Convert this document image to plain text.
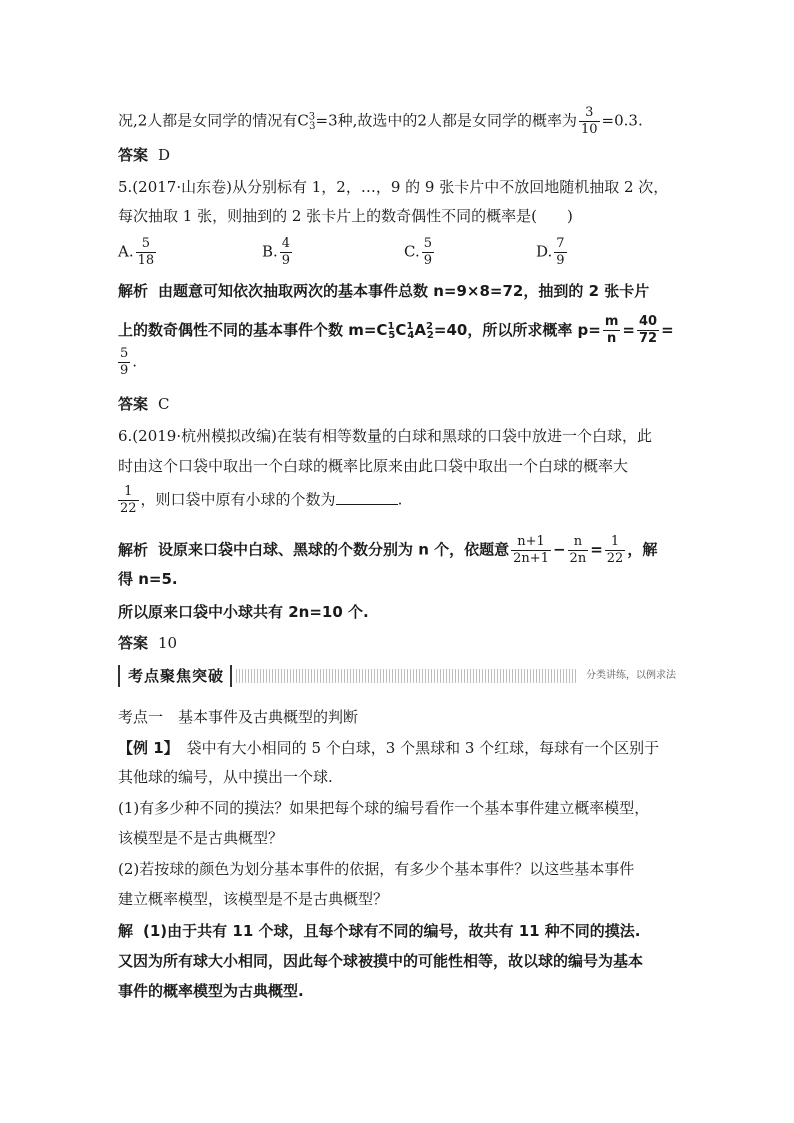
况,2人都是女同学的情况有$C^3_3=3$种,故选中的2人都是女同学的概率为 $\frac{3}{10} =0.3$.
答案 D
5.(2017·山东卷)从分别标有 1，2，…，9 的 9 张卡片中不放回地随机抽取 2 次，
每次抽取 1 张，则抽到的 2 张卡片上的数奇偶性不同的概率是(　　)
A. $\frac{5}{18}$	B. $\frac{4}{9}$	C. $\frac{5}{9}$	D. $\frac{7}{9}$
解析 由题意可知依次抽取两次的基本事件总数 n=9×8=72，抽到的 2 张卡片
上的数奇偶性不同的基本事件个数 $m=C^1_5C^1_4A^2_2=40$，所以所求概率 $p= \frac{m}{n} = \frac{40}{72}$ =
$\frac{5}{9}$ .
答案 C
6.(2019·杭州模拟改编)在装有相等数量的白球和黑球的口袋中放进一个白球，此
时由这个口袋中取出一个白球的概率比原来由此口袋中取出一个白球的概率大
$\frac{1}{22}$ ，则口袋中原有小球的个数为	.
解析 设原来口袋中白球、黑球的个数分别为 n 个，依题意 $\frac{n+1}{2n+1} - \frac{n}{2n} = \frac{1}{22}$ ，解
得 n=5.
所以原来口袋中小球共有 2n=10 个.
答案 10
考点聚焦突破	分类讲练，以例求法
考点一　基本事件及古典概型的判断
【例 1】 袋中有大小相同的 5 个白球，3 个黑球和 3 个红球，每球有一个区别于
其他球的编号，从中摸出一个球.
(1)有多少种不同的摸法？如果把每个球的编号看作一个基本事件建立概率模型，
该模型是不是古典概型？
(2)若按球的颜色为划分基本事件的依据，有多少个基本事件？以这些基本事件
建立概率模型，该模型是不是古典概型？
解 (1)由于共有 11 个球，且每个球有不同的编号，故共有 11 种不同的摸法.
又因为所有球大小相同，因此每个球被摸中的可能性相等，故以球的编号为基本
事件的概率模型为古典概型.
